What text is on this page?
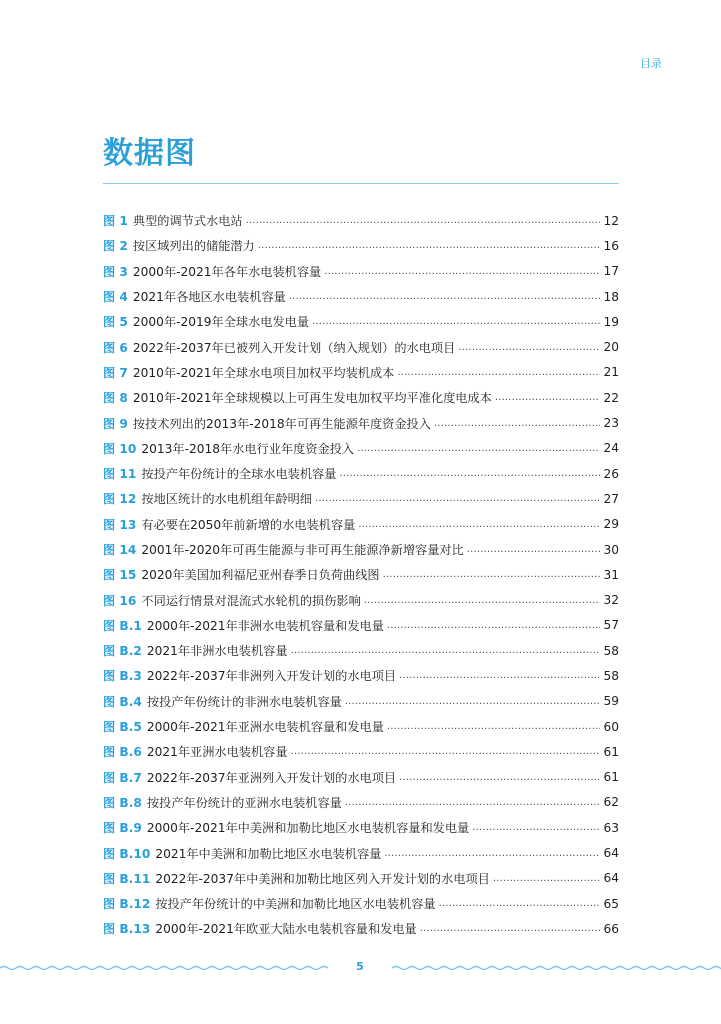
目录
数据图
图 1 典型的调节式水电站 . . .	12
图 2 按区域列出的储能潜力 . . .	16
图 3 2000年-2021年各年水电装机容量 . . .	17
图 4 2021年各地区水电装机容量 . . .	18
图 5 2000年-2019年全球水电发电量 . . .	19
图 6 2022年-2037年已被列入开发计划（纳入规划）的水电项目 . . .	20
图 7 2010年-2021年全球水电项目加权平均装机成本 . . .	21
图 8 2010年-2021年全球规模以上可再生发电加权平均平准化度电成本 . . .	22
图 9 按技术列出的2013年-2018年可再生能源年度资金投入 . . .	23
图 10 2013年-2018年水电行业年度资金投入 . . .	24
图 11 按投产年份统计的全球水电装机容量 . . .	26
图 12 按地区统计的水电机组年龄明细 . . .	27
图 13 有必要在2050年前新增的水电装机容量 . . .	29
图 14 2001年-2020年可再生能源与非可再生能源净新增容量对比 . . .	30
图 15 2020年美国加利福尼亚州春季日负荷曲线图 . . .	31
图 16 不同运行情景对混流式水轮机的损伤影响 . . .	32
图 B.1 2000年-2021年非洲水电装机容量和发电量 . . .	57
图 B.2 2021年非洲水电装机容量 . . .	58
图 B.3 2022年-2037年非洲列入开发计划的水电项目 . . .	58
图 B.4 按投产年份统计的非洲水电装机容量 . . .	59
图 B.5 2000年-2021年亚洲水电装机容量和发电量 . . .	60
图 B.6 2021年亚洲水电装机容量 . . .	61
图 B.7 2022年-2037年亚洲列入开发计划的水电项目 . . .	61
图 B.8 按投产年份统计的亚洲水电装机容量 . . .	62
图 B.9 2000年-2021年中美洲和加勒比地区水电装机容量和发电量 . . .	63
图 B.10 2021年中美洲和加勒比地区水电装机容量 . . .	64
图 B.11 2022年-2037年中美洲和加勒比地区列入开发计划的水电项目 . . .	64
图 B.12 按投产年份统计的中美洲和加勒比地区水电装机容量 . . .	65
图 B.13 2000年-2021年欧亚大陆水电装机容量和发电量 . . .	66
5
